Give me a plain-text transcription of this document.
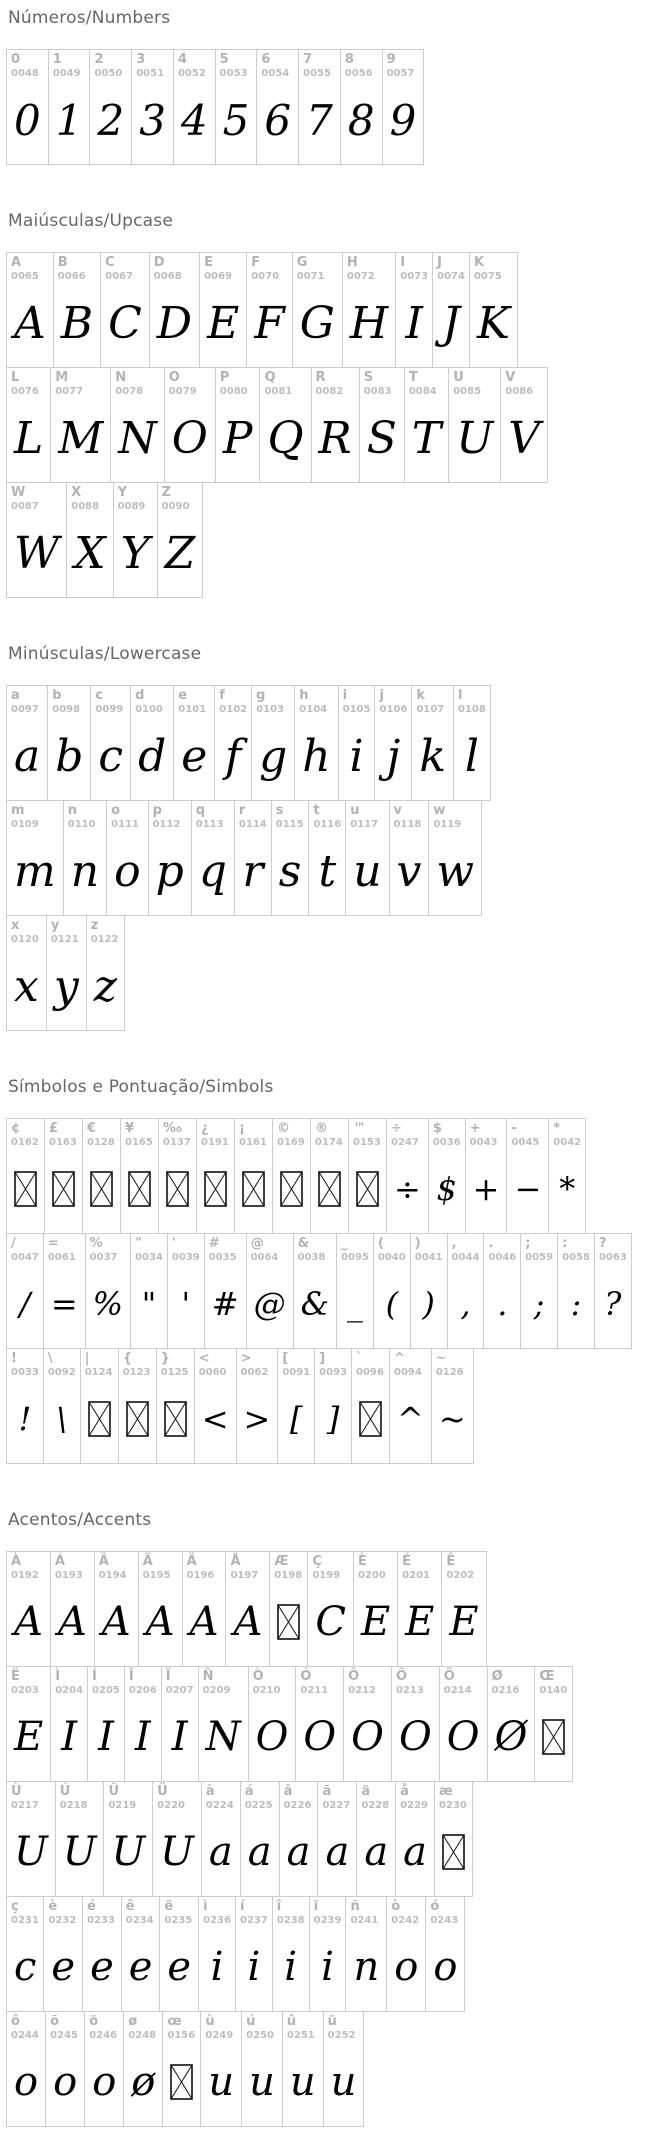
Números/Numbers
0
0048
0
1
0049
1
2
0050
2
3
0051
3
4
0052
4
5
0053
5
6
0054
6
7
0055
7
8
0056
8
9
0057
9
Maiúsculas/Upcase
A
0065
A
B
0066
B
C
0067
C
D
0068
D
E
0069
E
F
0070
F
G
0071
G
H
0072
H
I
0073
I
J
0074
J
K
0075
K
L
0076
L
M
0077
M
N
0078
N
O
0079
O
P
0080
P
Q
0081
Q
R
0082
R
S
0083
S
T
0084
T
U
0085
U
V
0086
V
W
0087
W
X
0088
X
Y
0089
Y
Z
0090
Z
Minúsculas/Lowercase
a
0097
a
b
0098
b
c
0099
c
d
0100
d
e
0101
e
f
0102
f
g
0103
g
h
0104
h
i
0105
i
j
0106
j
k
0107
k
l
0108
l
m
0109
m
n
0110
n
o
0111
o
p
0112
p
q
0113
q
r
0114
r
s
0115
s
t
0116
t
u
0117
u
v
0118
v
w
0119
w
x
0120
x
y
0121
y
z
0122
z
Símbolos e Pontuação/Simbols
¢
0162
£
0163
€
0128
¥
0165
‰
0137
¿
0191
¡
0161
©
0169
®
0174
™
0153
÷
0247
÷
$
0036
$
+
0043
+
-
0045
−
*
0042
*
/
0047
/
=
0061
=
%
0037
%
"
0034
"
'
0039
'
#
0035
#
@
0064
@
&
0038
&
_
0095
_
(
0040
(
)
0041
)
,
0044
,
.
0046
.
;
0059
;
:
0058
:
?
0063
?
!
0033
!
\
0092
\
|
0124
{
0123
}
0125
<
0060
<
>
0062
>
[
0091
[
]
0093
]
`
0096
^
0094
^
~
0126
~
Acentos/Accents
À
0192
A
Á
0193
A
Â
0194
A
Ã
0195
A
Ä
0196
A
Å
0197
A
Æ
0198
Ç
0199
C
È
0200
E
É
0201
E
Ê
0202
E
Ë
0203
E
Ì
0204
I
Í
0205
I
Î
0206
I
Ï
0207
I
Ñ
0209
N
Ò
0210
O
Ó
0211
O
Ô
0212
O
Õ
0213
O
Ö
0214
O
Ø
0216
Ø
Œ
0140
Ù
0217
U
Ú
0218
U
Û
0219
U
Ü
0220
U
à
0224
a
á
0225
a
â
0226
a
ã
0227
a
ä
0228
a
å
0229
a
æ
0230
ç
0231
c
è
0232
e
é
0233
e
ê
0234
e
ë
0235
e
ì
0236
i
í
0237
i
î
0238
i
ï
0239
i
ñ
0241
n
ò
0242
o
ó
0243
o
ô
0244
o
õ
0245
o
ö
0246
o
ø
0248
ø
œ
0156
ù
0249
u
ú
0250
u
û
0251
u
ü
0252
u
